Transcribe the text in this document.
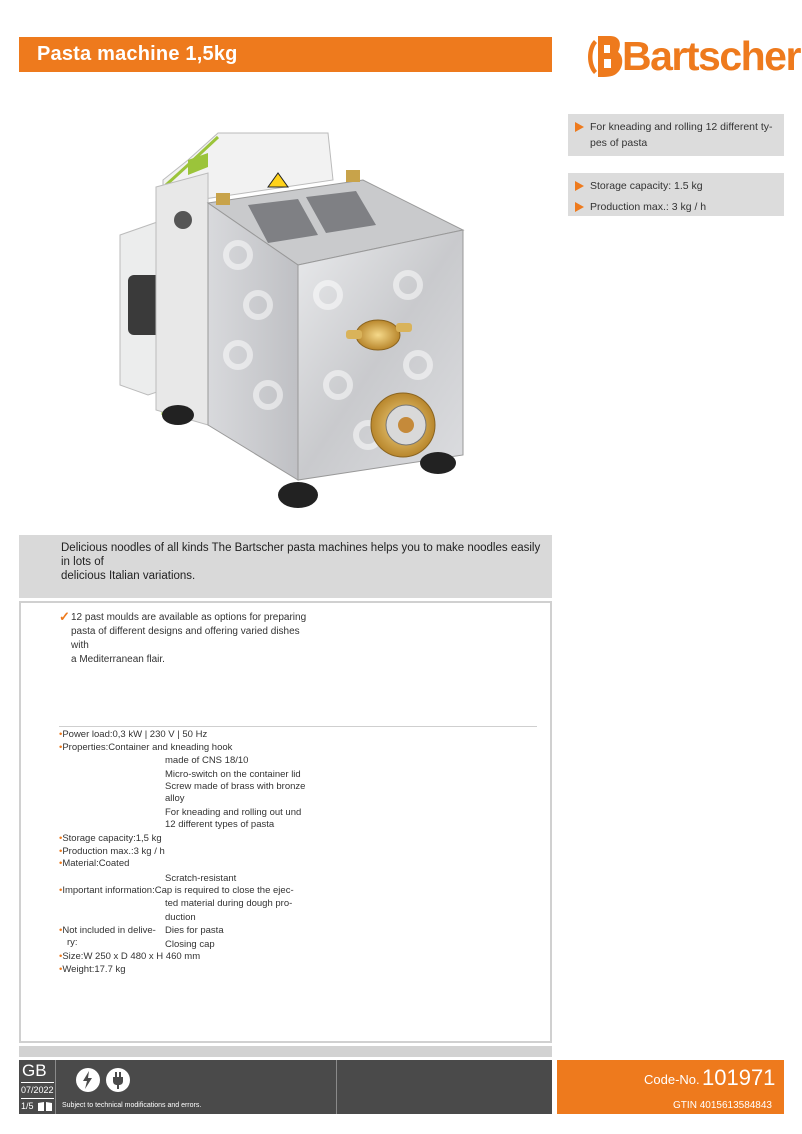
Pasta machine 1,5kg	Bartscher
For kneading and rolling 12 different ty-
pes of pasta
Storage capacity: 1.5 kg
Production max.: 3 kg / h
Delicious noodles of all kinds The Bartscher pasta machines helps you to make noodles easily in lots of
delicious Italian variations.
✓ 12 past moulds are available as options for preparing
pasta of different designs and offering varied dishes with
a Mediterranean flair.
•Power load:0,3 kW | 230 V | 50 Hz
•Properties:Container and kneading hook
made of CNS 18/10
Micro-switch on the container lid
Screw made of brass with bronze
alloy
For kneading and rolling out und
12 different types of pasta
•Storage capacity:1,5 kg
•Production max.:3 kg / h
•Material:Coated
Scratch-resistant
•Important information:Cap is required to close the ejec-
ted material during dough pro-
duction
•Not included in delive-
ry:
Dies for pasta
Closing cap
•Size:W 250 x D 480 x H 460 mm
•Weight:17.7 kg
GB
07/2022
1/5	Subject to technical modifications and errors.
Code-No. 101971
GTIN 4015613584843
